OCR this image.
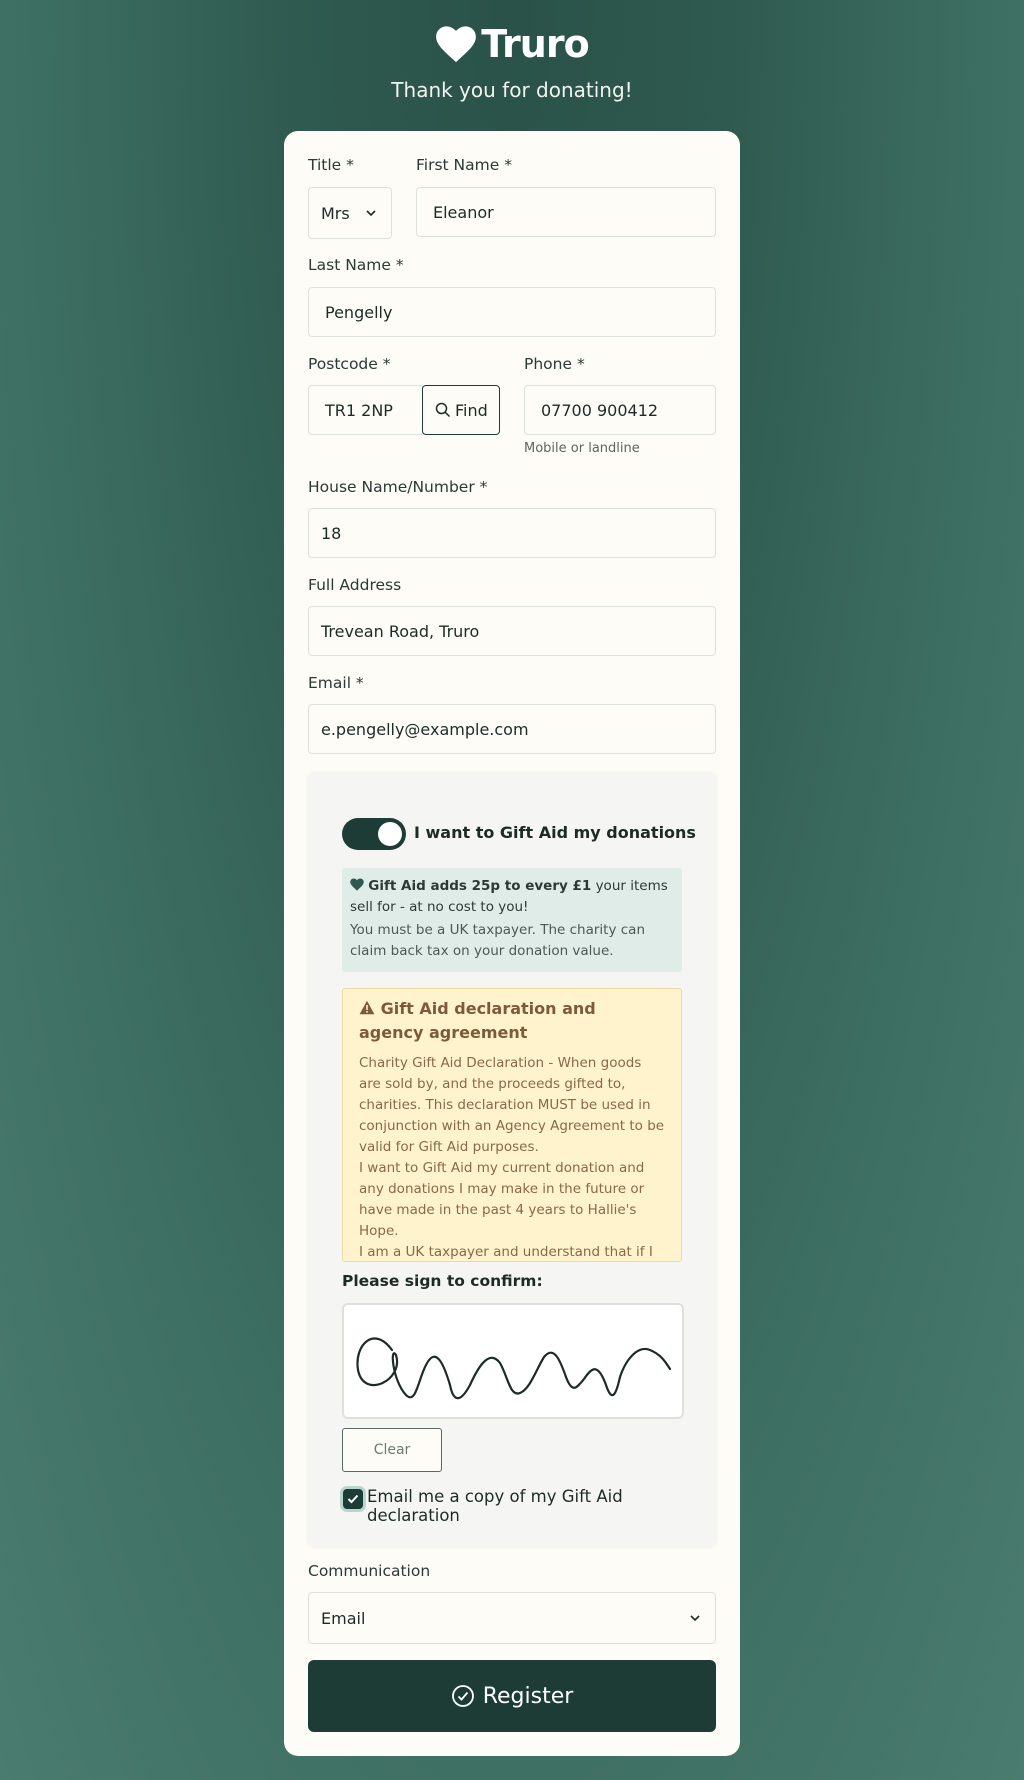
Truro
Thank you for donating!
Title *
Mrs
First Name *
Eleanor
Last Name *
Pengelly
Postcode *
TR1 2NP	Find
Phone *
07700 900412
Mobile or landline
House Name/Number *
18
Full Address
Trevean Road, Truro
Email *
e.pengelly@example.com
I want to Gift Aid my donations
Gift Aid adds 25p to every £1 your items sell for - at no cost to you!
You must be a UK taxpayer. The charity can claim back tax on your donation value.
Gift Aid declaration and agency agreement
Charity Gift Aid Declaration - When goods are sold by, and the proceeds gifted to, charities. This declaration MUST be used in conjunction with an Agency Agreement to be valid for Gift Aid purposes.
I want to Gift Aid my current donation and any donations I may make in the future or have made in the past 4 years to Hallie's Hope.
I am a UK taxpayer and understand that if I
Please sign to confirm:
Clear
Email me a copy of my Gift Aid declaration
Communication
Email
Register
